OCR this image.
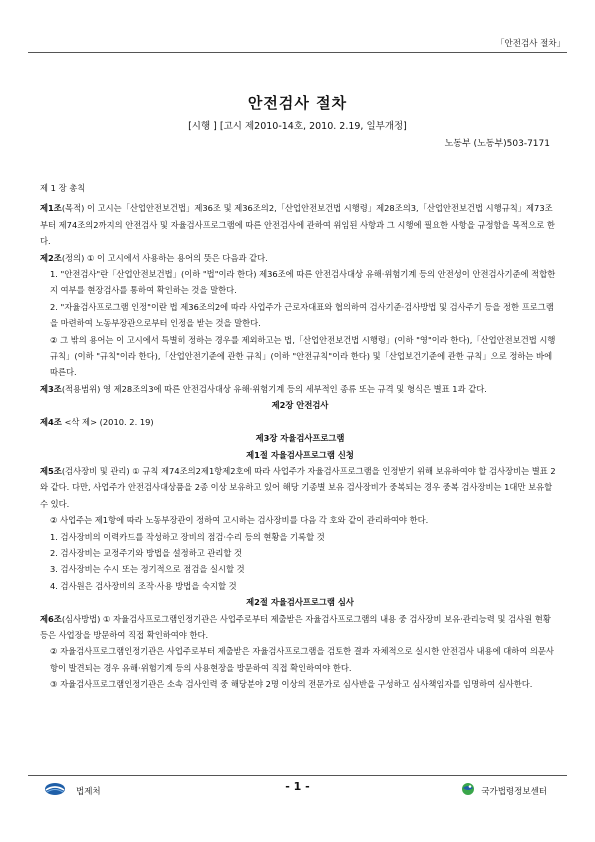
「안전검사 절차」
안전검사 절차
[시행 ] [고시 제2010-14호, 2010. 2.19, 일부개정]
노동부 (노동부)503-7171

제 1 장 총칙

제1조(목적) 이 고시는「산업안전보건법」제36조 및 제36조의2,「산업안전보건법 시행령」제28조의3,「산업안전보건법 시행규칙」제73조부터 제74조의2까지의 안전검사 및 자율검사프로그램에 따른 안전검사에 관하여 위임된 사항과 그 시행에 필요한 사항을 규정함을 목적으로 한다.

제2조(정의) ① 이 고시에서 사용하는 용어의 뜻은 다음과 같다.

1. "안전검사"란「산업안전보건법」(이하 "법"이라 한다) 제36조에 따른 안전검사대상 유해·위험기계 등의 안전성이 안전검사기준에 적합한지 여부를 현장검사를 통하여 확인하는 것을 말한다.

2. "자율검사프로그램 인정"이란 법 제36조의2에 따라 사업주가 근로자대표와 협의하여 검사기준·검사방법 및 검사주기 등을 정한 프로그램을 마련하여 노동부장관으로부터 인정을 받는 것을 말한다.

② 그 밖의 용어는 이 고시에서 특별히 정하는 경우를 제외하고는 법,「산업안전보건법 시행령」(이하 "영"이라 한다),「산업안전보건법 시행규칙」(이하 "규칙"이라 한다),「산업안전기준에 관한 규칙」(이하 "안전규칙"이라 한다) 및「산업보건기준에 관한 규칙」으로 정하는 바에 따른다.

제3조(적용범위) 영 제28조의3에 따른 안전검사대상 유해·위험기계 등의 세부적인 종류 또는 규격 및 형식은 별표 1과 같다.

제2장 안전검사

제4조 <삭 제> (2010. 2. 19)

제3장 자율검사프로그램

제1절 자율검사프로그램 신청

제5조(검사장비 및 관리) ① 규칙 제74조의2제1항제2호에 따라 사업주가 자율검사프로그램을 인정받기 위해 보유하여야 할 검사장비는 별표 2와 같다. 다만, 사업주가 안전검사대상품을 2종 이상 보유하고 있어 해당 기종별 보유 검사장비가 중복되는 경우 중복 검사장비는 1대만 보유할 수 있다.

② 사업주는 제1항에 따라 노동부장관이 정하여 고시하는 검사장비를 다음 각 호와 같이 관리하여야 한다.

1. 검사장비의 이력카드를 작성하고 장비의 점검·수리 등의 현황을 기록할 것

2. 검사장비는 교정주기와 방법을 설정하고 관리할 것

3. 검사장비는 수시 또는 정기적으로 점검을 실시할 것

4. 검사원은 검사장비의 조작·사용 방법을 숙지할 것

제2절 자율검사프로그램 심사

제6조(심사방법) ① 자율검사프로그램인정기관은 사업주로부터 제출받은 자율검사프로그램의 내용 중 검사장비 보유·관리능력 및 검사원 현황 등은 사업장을 방문하여 직접 확인하여야 한다.

② 자율검사프로그램인정기관은 사업주로부터 제출받은 자율검사프로그램을 검토한 결과 자체적으로 실시한 안전검사 내용에 대하여 의문사항이 발견되는 경우 유해·위험기계 등의 사용현장을 방문하여 직접 확인하여야 한다.

③ 자율검사프로그램인정기관은 소속 검사인력 중 해당분야 2명 이상의 전문가로 심사반을 구성하고 심사책임자를 임명하여 심사한다.

법제처	- 1 -	국가법령정보센터
